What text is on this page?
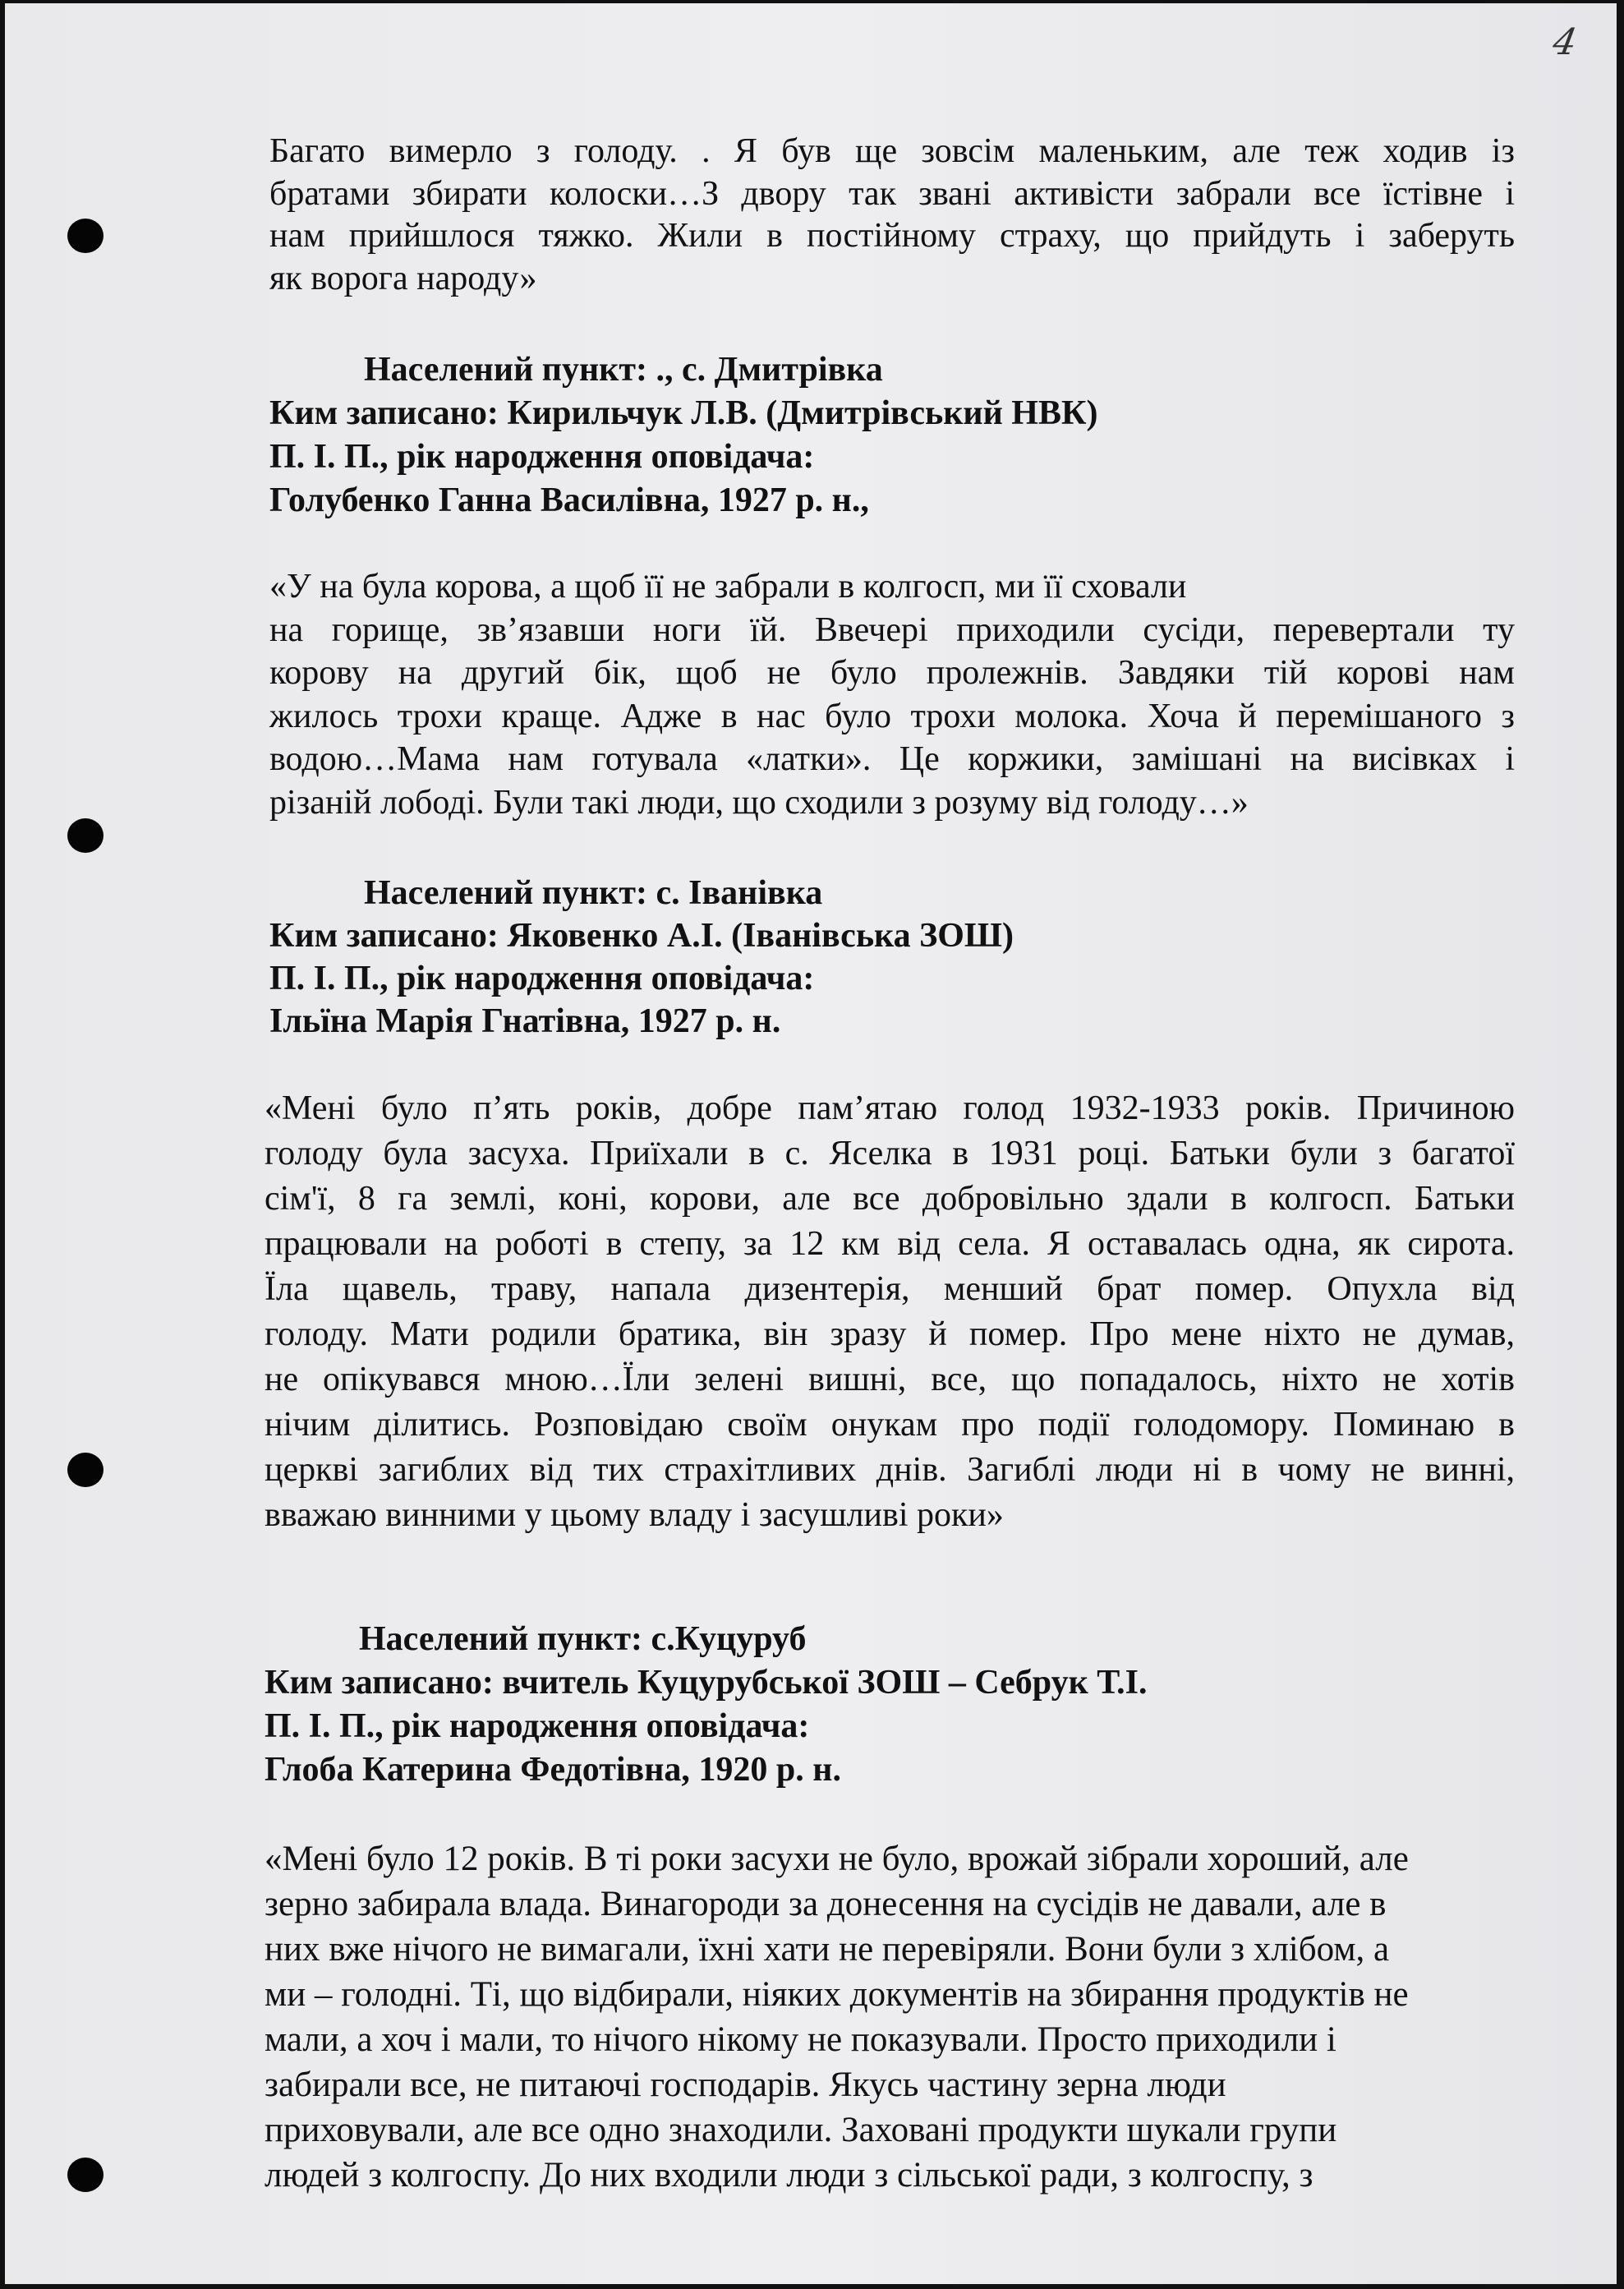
4
Багато вимерло з голоду. . Я був ще зовсім маленьким, але теж ходив із
братами збирати колоски…З двору так звані активісти забрали все їстівне і
нам прийшлося тяжко. Жили в постійному страху, що прийдуть і заберуть
як ворога народу»
Населений пункт: ., с. Дмитрівка
Ким записано: Кирильчук Л.В. (Дмитрівський НВК)
П. І. П., рік народження оповідача:
Голубенко Ганна Василівна, 1927 р. н.,
«У на була корова, а щоб її не забрали в колгосп, ми її сховали
на горище, зв’язавши ноги їй. Ввечері приходили сусіди, перевертали ту
корову на другий бік, щоб не було пролежнів. Завдяки тій корові нам
жилось трохи краще. Адже в нас було трохи молока. Хоча й перемішаного з
водою…Мама нам готувала «латки». Це коржики, замішані на висівках і
різаній лободі. Були такі люди, що сходили з розуму від голоду…»
Населений пункт: с. Іванівка
Ким записано: Яковенко А.І. (Іванівська ЗОШ)
П. І. П., рік народження оповідача:
Ільїна Марія Гнатівна, 1927 р. н.
«Мені було п’ять років, добре пам’ятаю голод 1932-1933 років. Причиною
голоду була засуха. Приїхали в с. Яселка в 1931 році. Батьки були з багатої
сім'ї, 8 га землі, коні, корови, але все добровільно здали в колгосп. Батьки
працювали на роботі в степу, за 12 км від села. Я оставалась одна, як сирота.
Їла щавель, траву, напала дизентерія, менший брат помер. Опухла від
голоду. Мати родили братика, він зразу й помер. Про мене ніхто не думав,
не опікувався мною…Їли зелені вишні, все, що попадалось, ніхто не хотів
нічим ділитись. Розповідаю своїм онукам про події голодомору. Поминаю в
церкві загиблих від тих страхітливих днів. Загиблі люди ні в чому не винні,
вважаю винними у цьому владу і засушливі роки»
Населений пункт: с.Куцуруб
Ким записано: вчитель Куцурубської ЗОШ – Себрук Т.І.
П. І. П., рік народження оповідача:
Глоба Катерина Федотівна, 1920 р. н.
«Мені було 12 років. В ті роки засухи не було, врожай зібрали хороший, але
зерно забирала влада. Винагороди за донесення на сусідів не давали, але в
них вже нічого не вимагали, їхні хати не перевіряли. Вони були з хлібом, а
ми – голодні. Ті, що відбирали, ніяких документів на збирання продуктів не
мали, а хоч і мали, то нічого нікому не показували. Просто приходили і
забирали все, не питаючі господарів. Якусь частину зерна люди
приховували, але все одно знаходили. Заховані продукти шукали групи
людей з колгоспу. До них входили люди з сільської ради, з колгоспу, з
